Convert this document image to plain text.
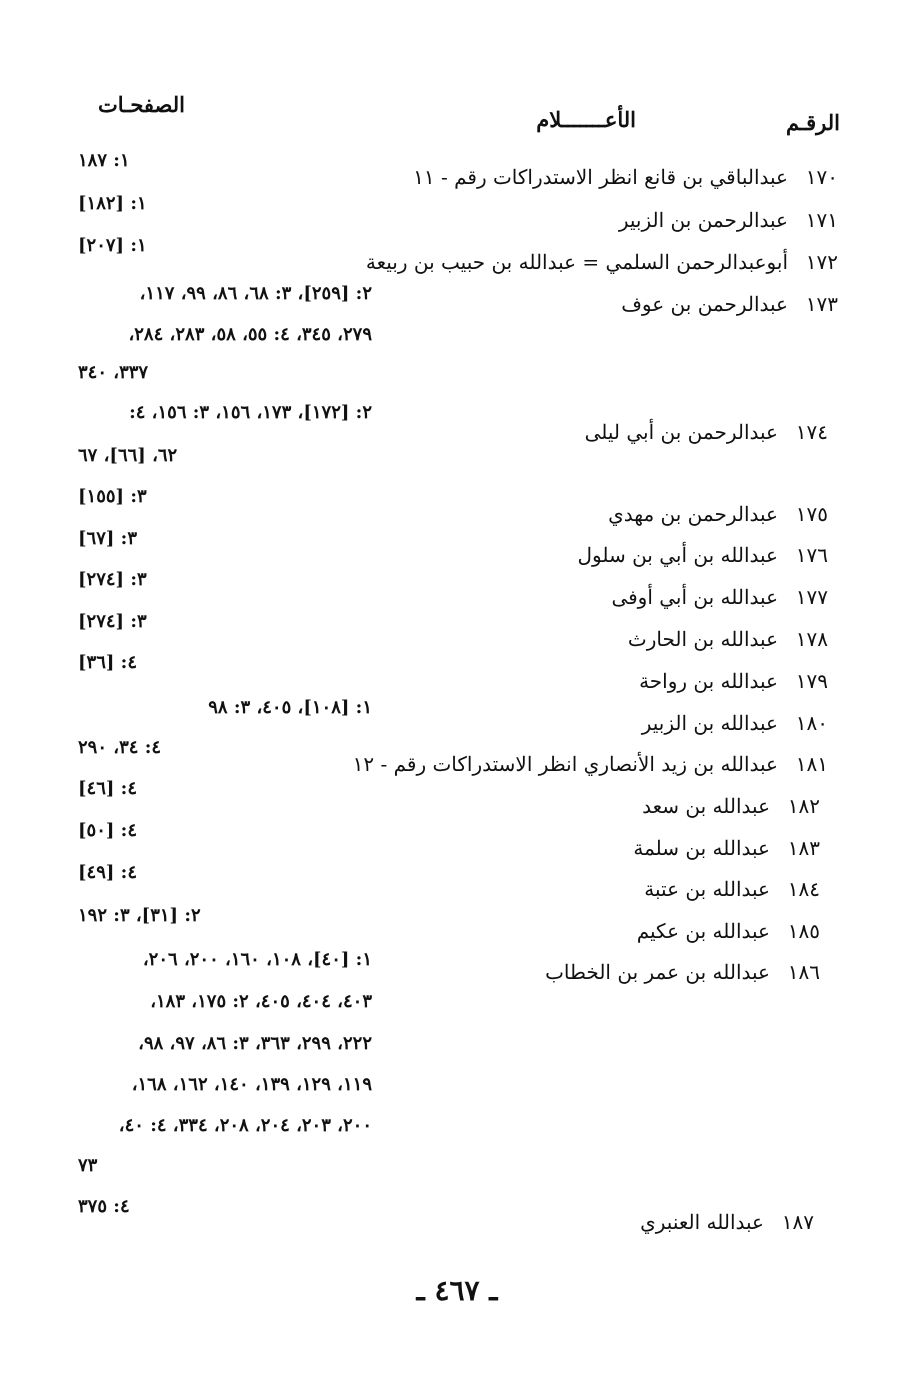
الرقـم
الأعـــــــلام
الصفحـات
١٧٠عبدالباقي بن قانع انظر الاستدراكات رقم - ١١
١٧١عبدالرحمن بن الزبير
١٧٢أبوعبدالرحمن السلمي = عبدالله بن حبيب بن ربيعة
١٧٣عبدالرحمن بن عوف
١٧٤عبدالرحمن بن أبي ليلى
١٧٥عبدالرحمن بن مهدي
١٧٦عبدالله بن أبي بن سلول
١٧٧عبدالله بن أبي أوفى
١٧٨عبدالله بن الحارث
١٧٩عبدالله بن رواحة
١٨٠عبدالله بن الزبير
١٨١عبدالله بن زيد الأنصاري انظر الاستدراكات رقم - ١٢
١٨٢عبدالله بن سعد
١٨٣عبدالله بن سلمة
١٨٤عبدالله بن عتبة
١٨٥عبدالله بن عكيم
١٨٦عبدالله بن عمر بن الخطاب
١٨٧عبدالله العنبري
١: ١٨٧
١: [١٨٢]
١: [٢٠٧]
٢: [٢٥٩]، ٣: ٦٨، ٨٦، ٩٩، ١١٧،
٢٧٩، ٣٤٥، ٤: ٥٥، ٥٨، ٢٨٣، ٢٨٤،
٣٣٧، ٣٤٠
٢: [١٧٢]، ١٧٣، ١٥٦، ٣: ١٥٦، ٤:
٦٢، [٦٦]، ٦٧
٣: [١٥٥]
٣: [٦٧]
٣: [٢٧٤]
٣: [٢٧٤]
٤: [٣٦]
١: [١٠٨]، ٤٠٥، ٣: ٩٨
٤: ٣٤، ٢٩٠
٤: [٤٦]
٤: [٥٠]
٤: [٤٩]
٢: [٣١]، ٣: ١٩٢
١: [٤٠]، ١٠٨، ١٦٠، ٢٠٠، ٢٠٦،
٤٠٣، ٤٠٤، ٤٠٥، ٢: ١٧٥، ١٨٣،
٢٢٢، ٢٩٩، ٣٦٣، ٣: ٨٦، ٩٧، ٩٨،
١١٩، ١٢٩، ١٣٩، ١٤٠، ١٦٢، ١٦٨،
٢٠٠، ٢٠٣، ٢٠٤، ٢٠٨، ٣٣٤، ٤: ٤٠،
٧٣
٤: ٣٧٥
ـ ٤٦٧ ـ
